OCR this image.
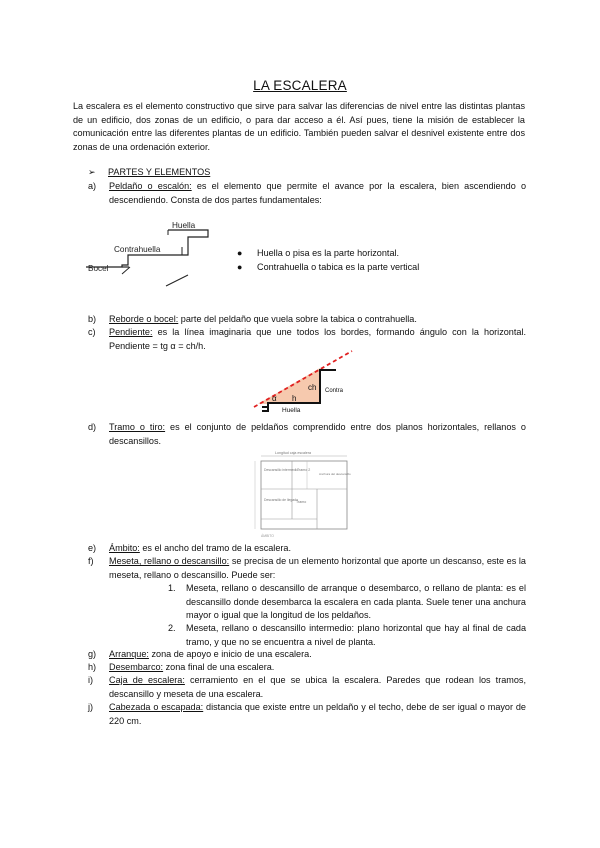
LA ESCALERA
La escalera es el elemento constructivo que sirve para salvar las diferencias de nivel entre las distintas plantas de un edificio, dos zonas de un edificio, o para dar acceso a él. Así pues, tiene la misión de establecer la comunicación entre las diferentes plantas de un edificio. También pueden salvar el desnivel existente entre dos zonas de una ordenación exterior.
➢ PARTES Y ELEMENTOS
a) Peldaño o escalón: es el elemento que permite el avance por la escalera, bien ascendiendo o descendiendo. Consta de dos partes fundamentales:
Huella
Contrahuella
Bocel
● Huella o pisa es la parte horizontal.
● Contrahuella o tabica es la parte vertical
b) Reborde o bocel: parte del peldaño que vuela sobre la tabica o contrahuella.
c) Pendiente: es la línea imaginaria que une todos los bordes, formando ángulo con la horizontal. Pendiente = tg α = ch/h.
ch Contra
α h
Huella
d) Tramo o tiro: es el conjunto de peldaños comprendido entre dos planos horizontales, rellanos o descansillos.
Longitud caja escalera
Descansillo intermedio
Tramo 2
Anchura del descansillo
Descansillo de llegada
Tramo
ÁMBITO
e) Ámbito: es el ancho del tramo de la escalera.
f) Meseta, rellano o descansillo: se precisa de un elemento horizontal que aporte un descanso, este es la meseta, rellano o descansillo. Puede ser:
1. Meseta, rellano o descansillo de arranque o desembarco, o rellano de planta: es el descansillo donde desembarca la escalera en cada planta. Suele tener una anchura mayor o igual que la longitud de los peldaños.
2. Meseta, rellano o descansillo intermedio: plano horizontal que hay al final de cada tramo, y que no se encuentra a nivel de planta.
g) Arranque: zona de apoyo e inicio de una escalera.
h) Desembarco: zona final de una escalera.
i) Caja de escalera: cerramiento en el que se ubica la escalera. Paredes que rodean los tramos, descansillo y meseta de una escalera.
j) Cabezada o escapada: distancia que existe entre un peldaño y el techo, debe de ser igual o mayor de 220 cm.
